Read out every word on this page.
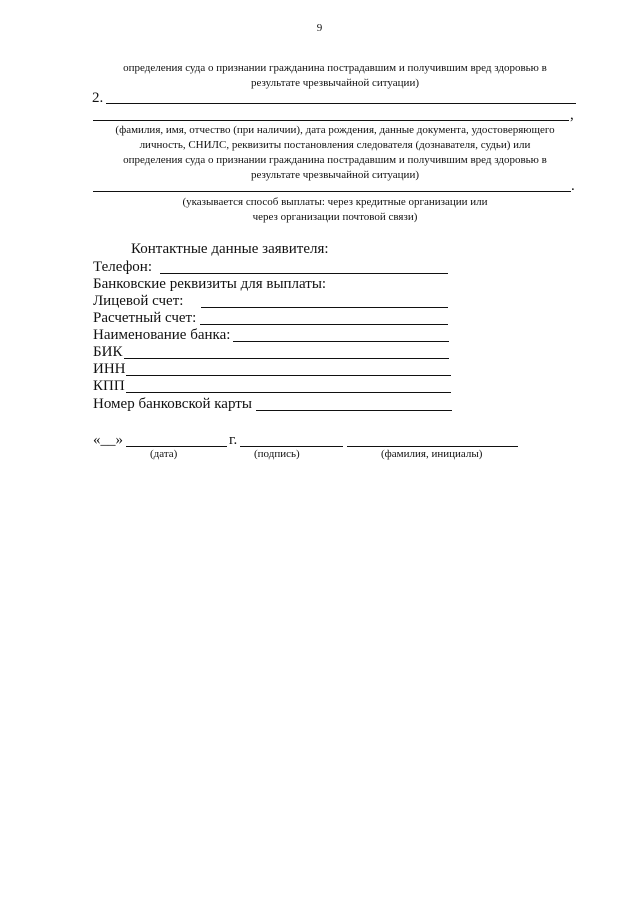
9
определения суда о признании гражданина пострадавшим и получившим вред здоровью в
результате чрезвычайной ситуации)
2.
,
(фамилия, имя, отчество (при наличии), дата рождения, данные документа, удостоверяющего
личность, СНИЛС, реквизиты постановления следователя (дознавателя, судьи) или
определения суда о признании гражданина пострадавшим и получившим вред здоровью в
результате чрезвычайной ситуации)
.
(указывается способ выплаты: через кредитные организации или
через организации почтовой связи)
Контактные данные заявителя:
Телефон:
Банковские реквизиты для выплаты:
Лицевой счет:
Расчетный счет:
Наименование банка:
БИК
ИНН
КПП
Номер банковской карты
«__»	г.
(дата)	(подпись)	(фамилия, инициалы)
